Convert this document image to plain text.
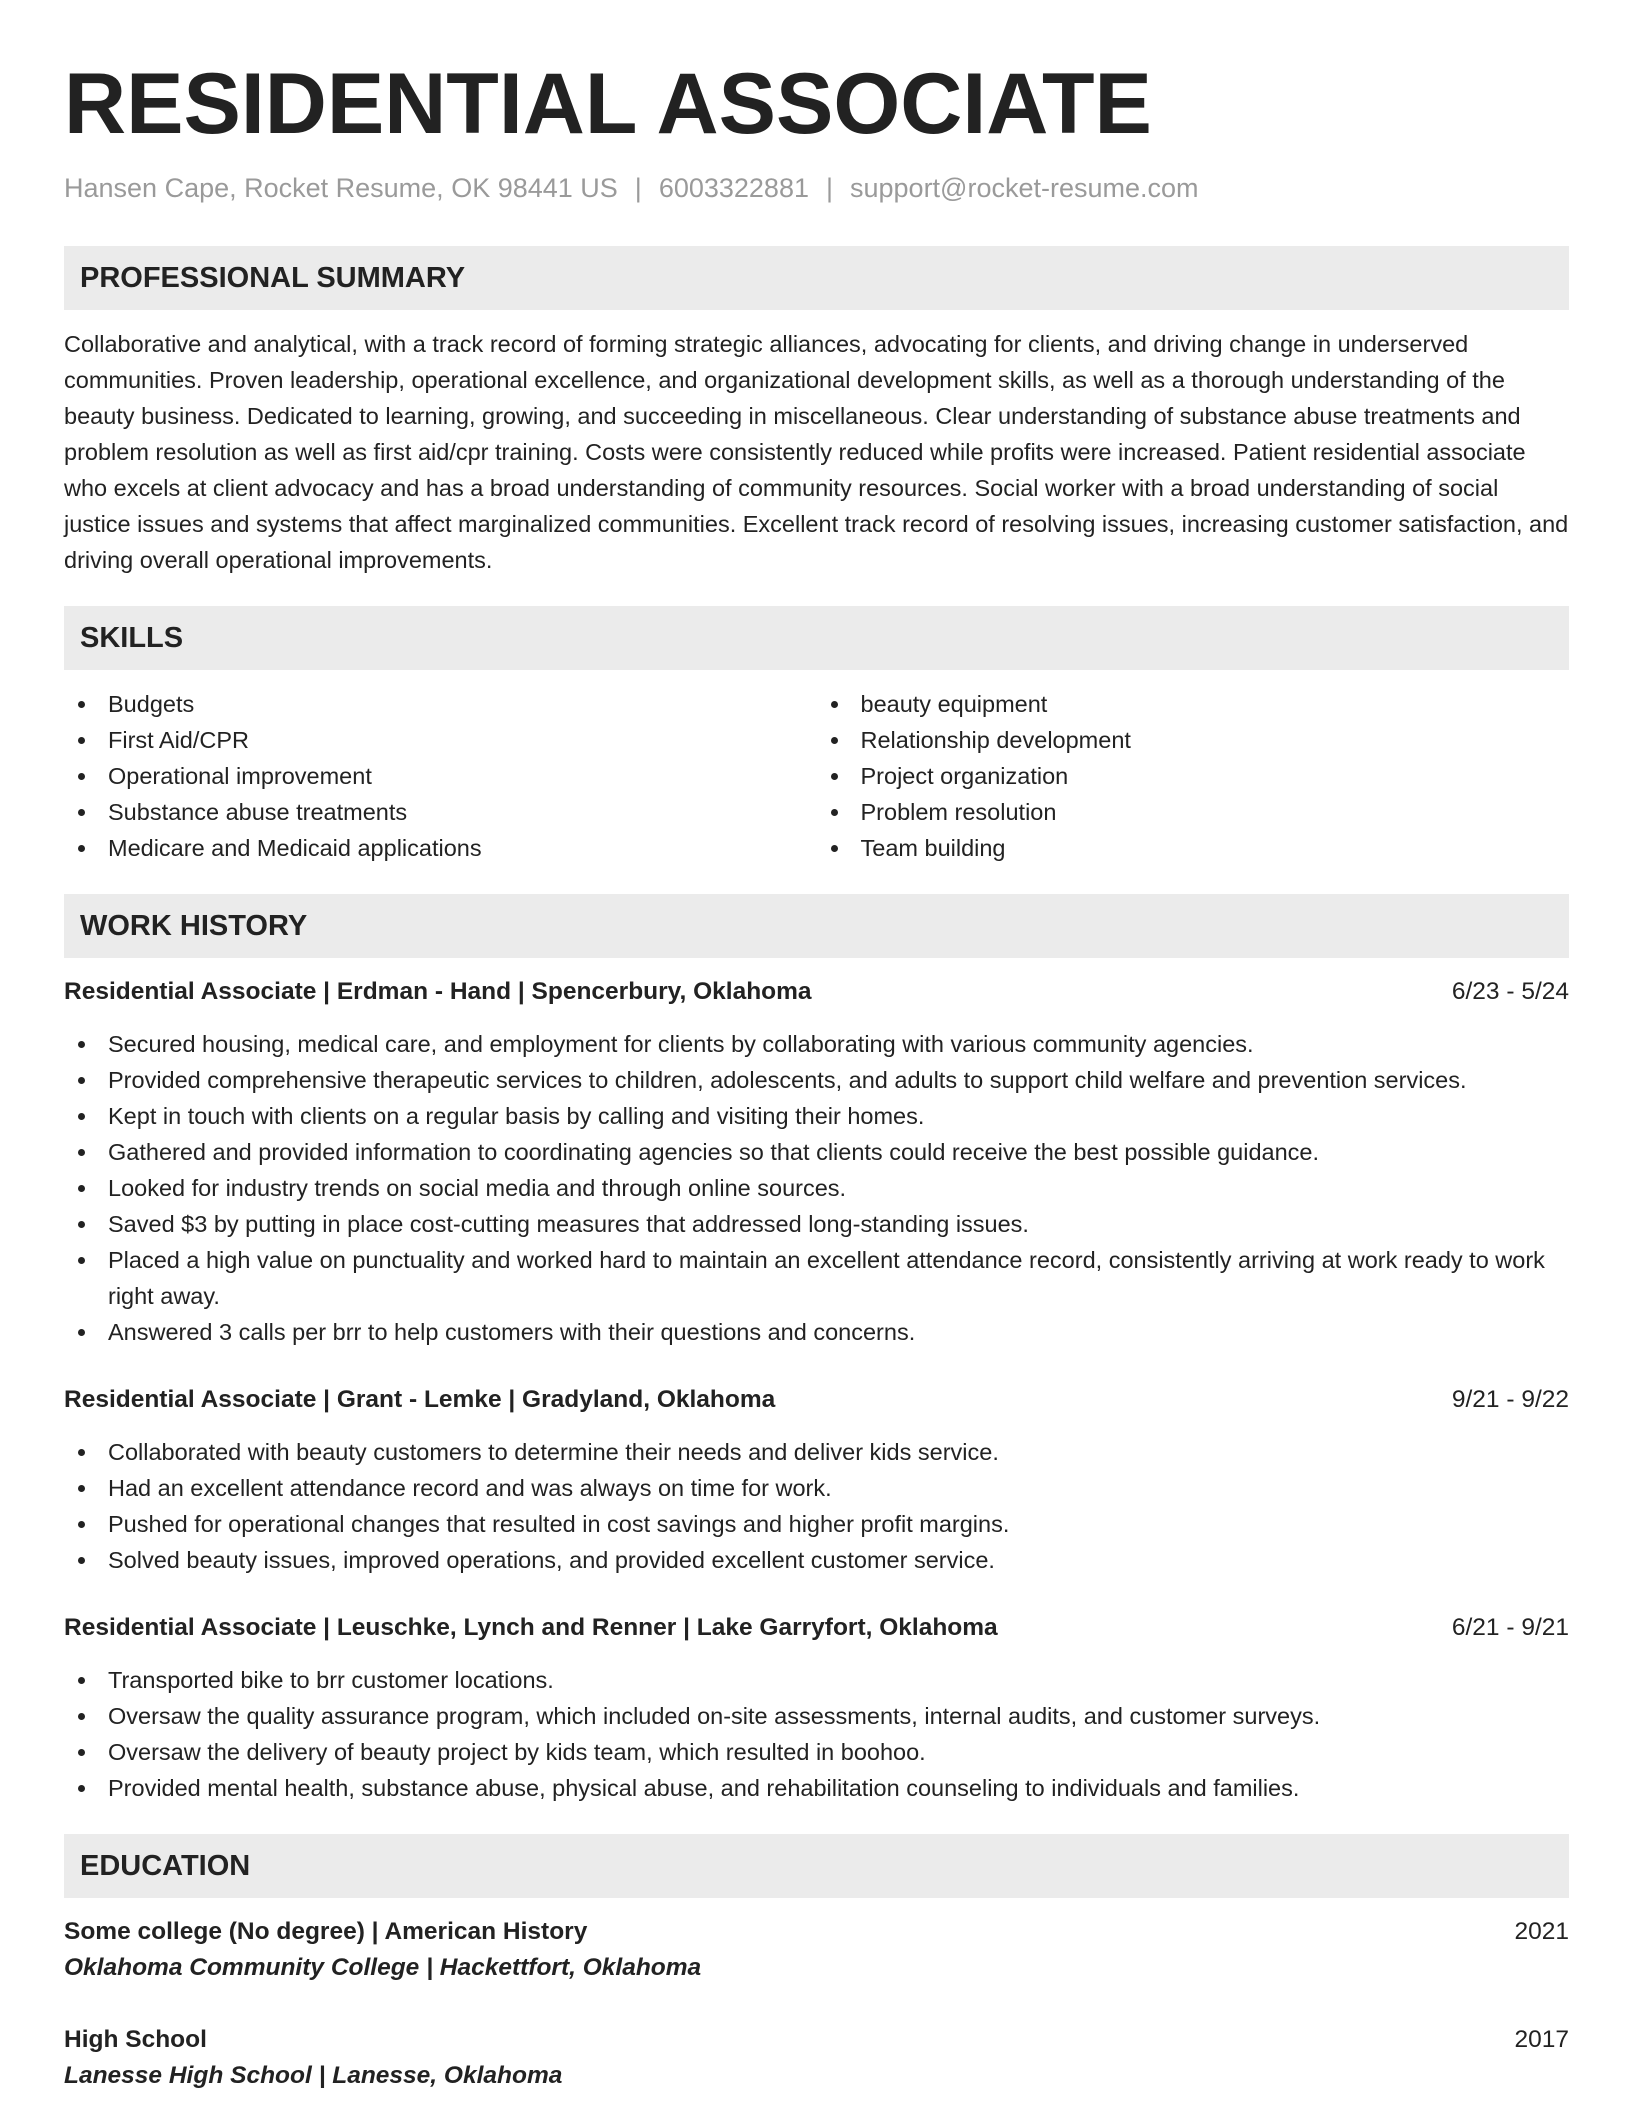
RESIDENTIAL ASSOCIATE
Hansen Cape, Rocket Resume, OK 98441 US | 6003322881 | support@rocket-resume.com
PROFESSIONAL SUMMARY
Collaborative and analytical, with a track record of forming strategic alliances, advocating for clients, and driving change in underserved communities. Proven leadership, operational excellence, and organizational development skills, as well as a thorough understanding of the beauty business. Dedicated to learning, growing, and succeeding in miscellaneous. Clear understanding of substance abuse treatments and problem resolution as well as first aid/cpr training. Costs were consistently reduced while profits were increased. Patient residential associate who excels at client advocacy and has a broad understanding of community resources. Social worker with a broad understanding of social justice issues and systems that affect marginalized communities. Excellent track record of resolving issues, increasing customer satisfaction, and driving overall operational improvements.
SKILLS
Budgets
First Aid/CPR
Operational improvement
Substance abuse treatments
Medicare and Medicaid applications
beauty equipment
Relationship development
Project organization
Problem resolution
Team building
WORK HISTORY
Residential Associate | Erdman - Hand | Spencerbury, Oklahoma	6/23 - 5/24
Secured housing, medical care, and employment for clients by collaborating with various community agencies.
Provided comprehensive therapeutic services to children, adolescents, and adults to support child welfare and prevention services.
Kept in touch with clients on a regular basis by calling and visiting their homes.
Gathered and provided information to coordinating agencies so that clients could receive the best possible guidance.
Looked for industry trends on social media and through online sources.
Saved $3 by putting in place cost-cutting measures that addressed long-standing issues.
Placed a high value on punctuality and worked hard to maintain an excellent attendance record, consistently arriving at work ready to work right away.
Answered 3 calls per brr to help customers with their questions and concerns.
Residential Associate | Grant - Lemke | Gradyland, Oklahoma	9/21 - 9/22
Collaborated with beauty customers to determine their needs and deliver kids service.
Had an excellent attendance record and was always on time for work.
Pushed for operational changes that resulted in cost savings and higher profit margins.
Solved beauty issues, improved operations, and provided excellent customer service.
Residential Associate | Leuschke, Lynch and Renner | Lake Garryfort, Oklahoma	6/21 - 9/21
Transported bike to brr customer locations.
Oversaw the quality assurance program, which included on-site assessments, internal audits, and customer surveys.
Oversaw the delivery of beauty project by kids team, which resulted in boohoo.
Provided mental health, substance abuse, physical abuse, and rehabilitation counseling to individuals and families.
EDUCATION
Some college (No degree) | American History	2021
Oklahoma Community College | Hackettfort, Oklahoma
High School	2017
Lanesse High School | Lanesse, Oklahoma
